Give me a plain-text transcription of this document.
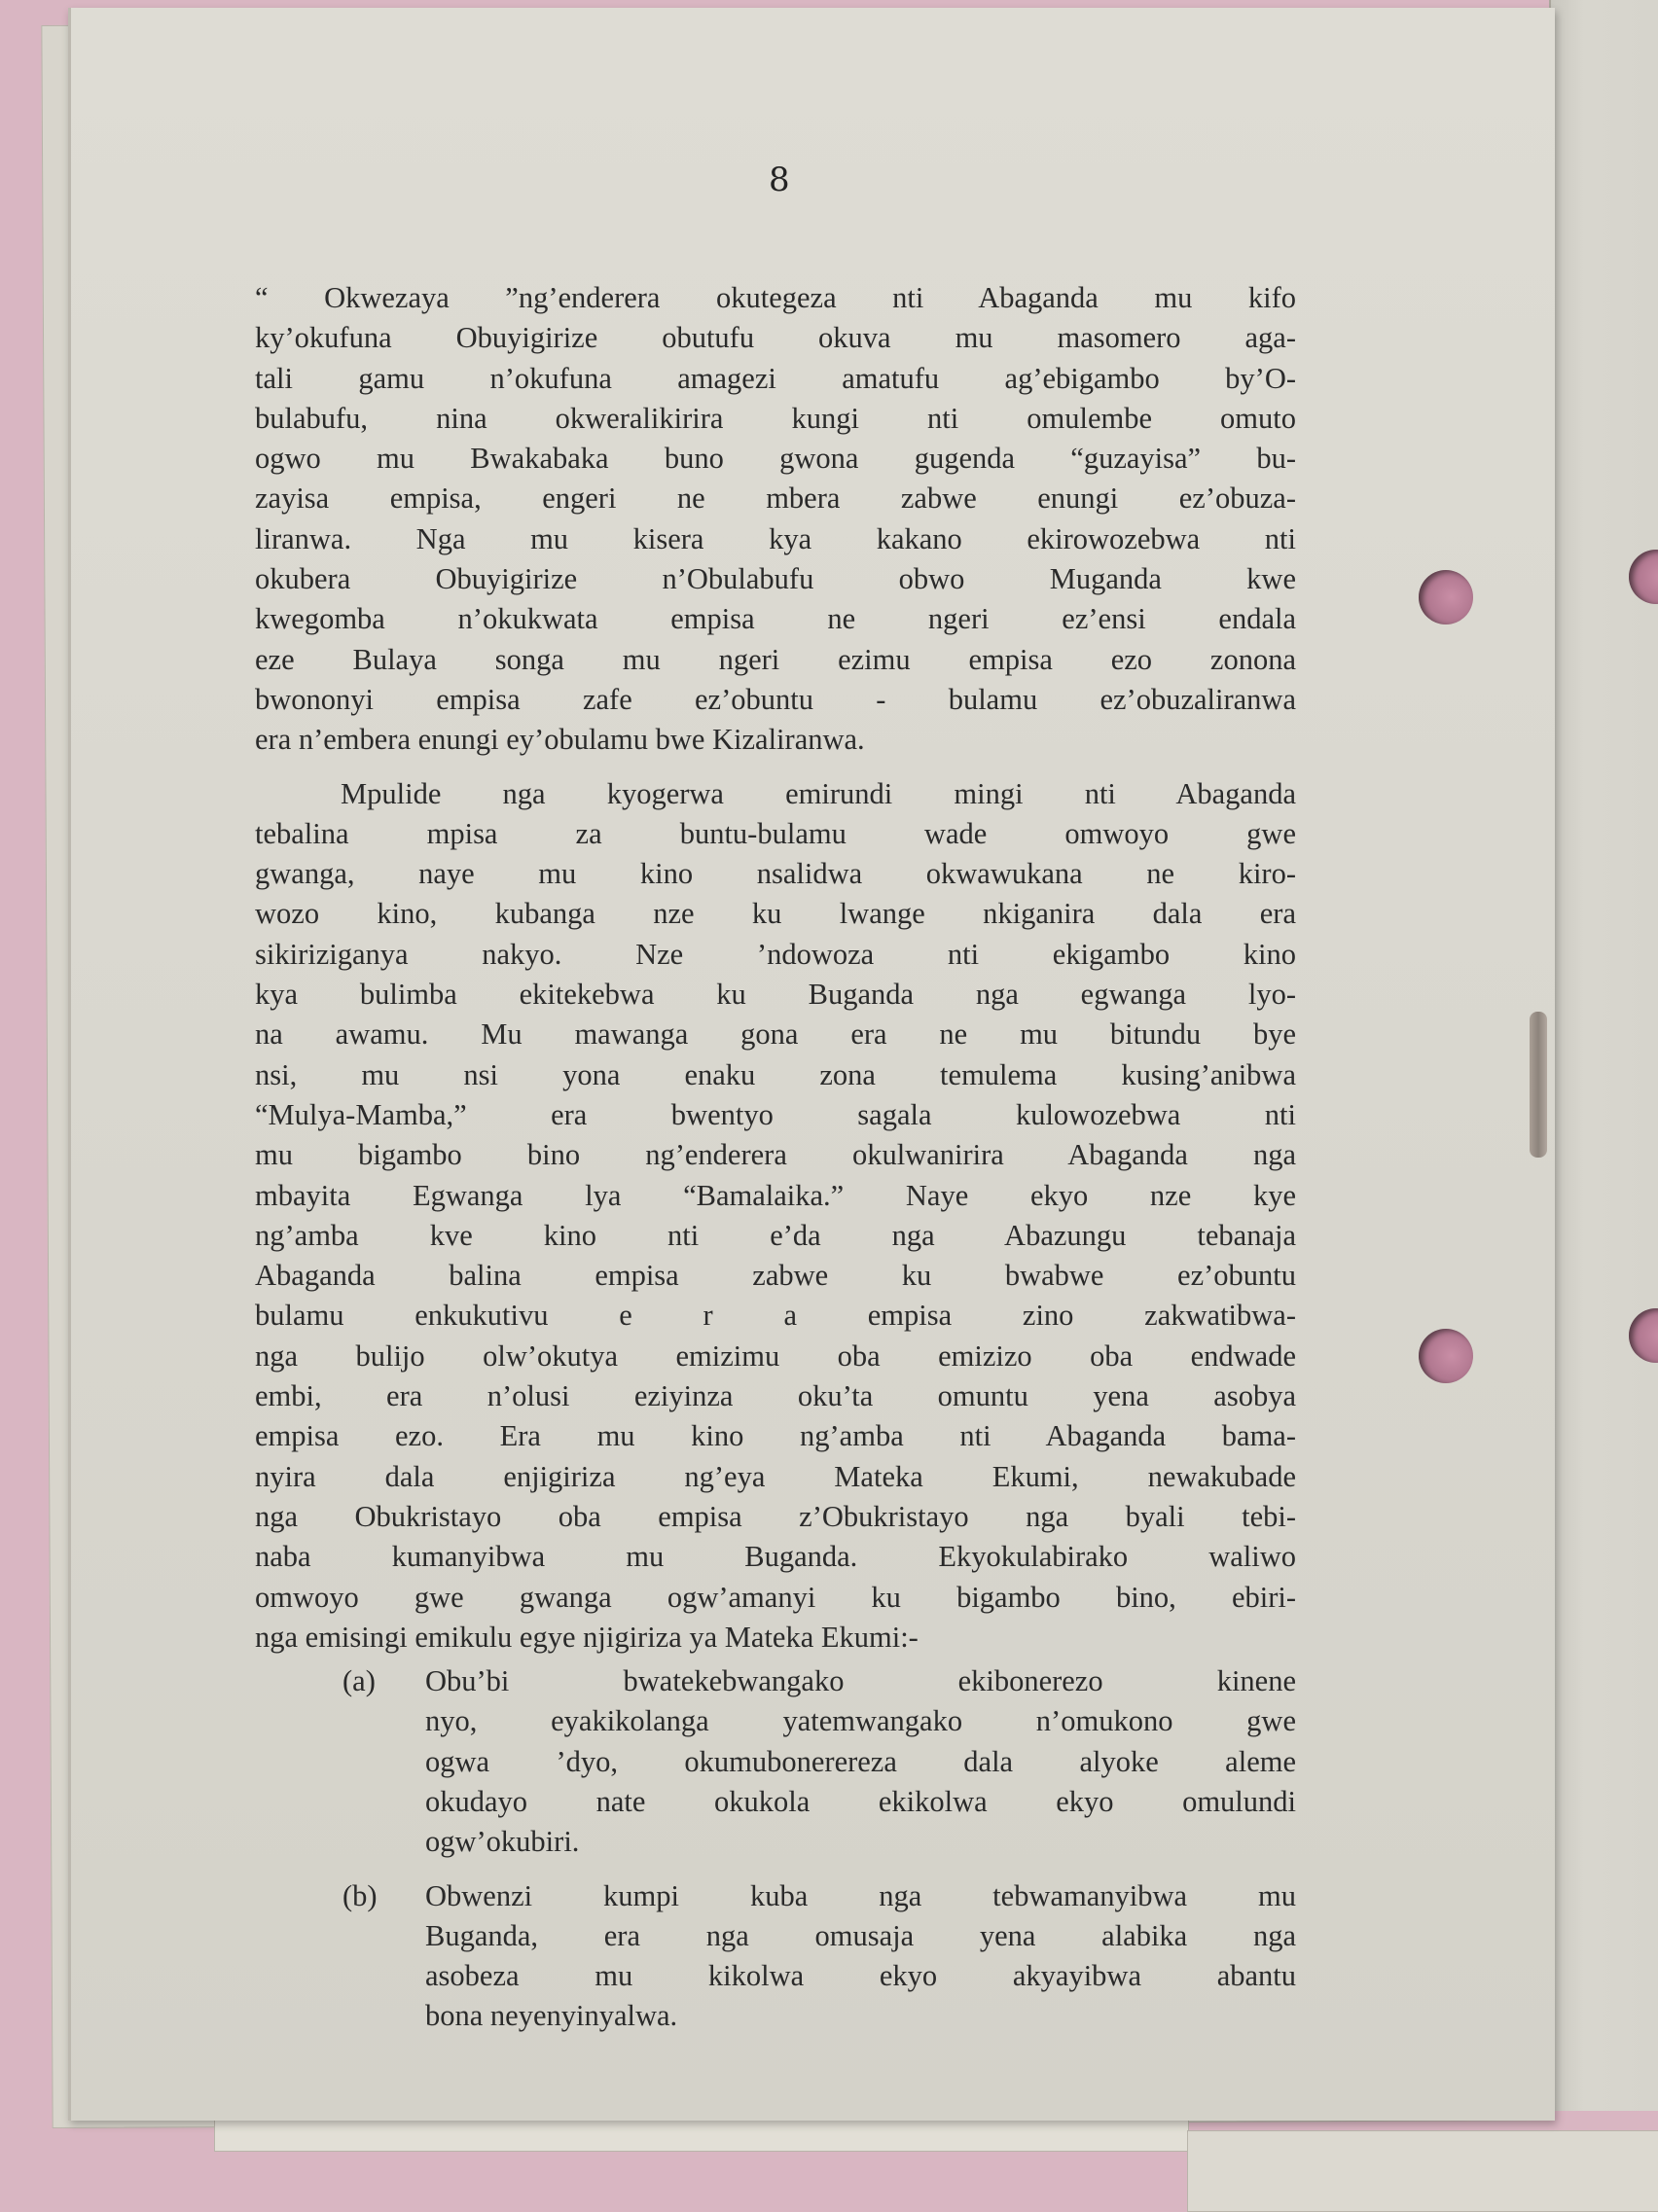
8
“ Okwezaya ”ng’enderera okutegeza nti Abaganda mu kifo
ky’okufuna Obuyigirize obutufu okuva mu masomero aga-
tali gamu n’okufuna amagezi amatufu ag’ebigambo by’O-
bulabufu, nina okweralikirira kungi nti omulembe omuto
ogwo mu Bwakabaka buno gwona gugenda “guzayisa” bu-
zayisa empisa, engeri ne mbera zabwe enungi ez’obuza-
liranwa. Nga mu kisera kya kakano ekirowozebwa nti
okubera Obuyigirize n’Obulabufu obwo Muganda kwe
kwegomba n’okukwata empisa ne ngeri ez’ensi endala
eze Bulaya songa mu ngeri ezimu empisa ezo zonona
bwononyi empisa zafe ez’obuntu - bulamu ez’obuzaliranwa
era n’embera enungi ey’obulamu bwe Kizaliranwa.
Mpulide nga kyogerwa emirundi mingi nti Abaganda
tebalina mpisa za buntu-bulamu wade omwoyo gwe
gwanga, naye mu kino nsalidwa okwawukana ne kiro-
wozo kino, kubanga nze ku lwange nkiganira dala era
sikiriziganya nakyo. Nze ’ndowoza nti ekigambo kino
kya bulimba ekitekebwa ku Buganda nga egwanga lyo-
na awamu. Mu mawanga gona era ne mu bitundu bye
nsi, mu nsi yona enaku zona temulema kusing’anibwa
“Mulya-Mamba,” era bwentyo sagala kulowozebwa nti
mu bigambo bino ng’enderera okulwanirira Abaganda nga
mbayita Egwanga lya “Bamalaika.” Naye ekyo nze kye
ng’amba kve kino nti e’da nga Abazungu tebanaja
Abaganda balina empisa zabwe ku bwabwe ez’obuntu
bulamu enkukutivu e r a empisa zino zakwatibwa-
nga bulijo olw’okutya emizimu oba emizizo oba endwade
embi, era n’olusi eziyinza oku’ta omuntu yena asobya
empisa ezo. Era mu kino ng’amba nti Abaganda bama-
nyira dala enjigiriza ng’eya Mateka Ekumi, newakubade
nga Obukristayo oba empisa z’Obukristayo nga byali tebi-
naba kumanyibwa mu Buganda. Ekyokulabirako waliwo
omwoyo gwe gwanga ogw’amanyi ku bigambo bino, ebiri-
nga emisingi emikulu egye njigiriza ya Mateka Ekumi:-
(a)	Obu’bi bwatekebwangako ekibonerezo kinene
nyo, eyakikolanga yatemwangako n’omukono gwe
ogwa ’dyo, okumubonerereza dala alyoke aleme
okudayo nate okukola ekikolwa ekyo omulundi
ogw’okubiri.
(b)	Obwenzi kumpi kuba nga tebwamanyibwa mu
Buganda, era nga omusaja yena alabika nga
asobeza mu kikolwa ekyo akyayibwa abantu
bona neyenyinyalwa.
